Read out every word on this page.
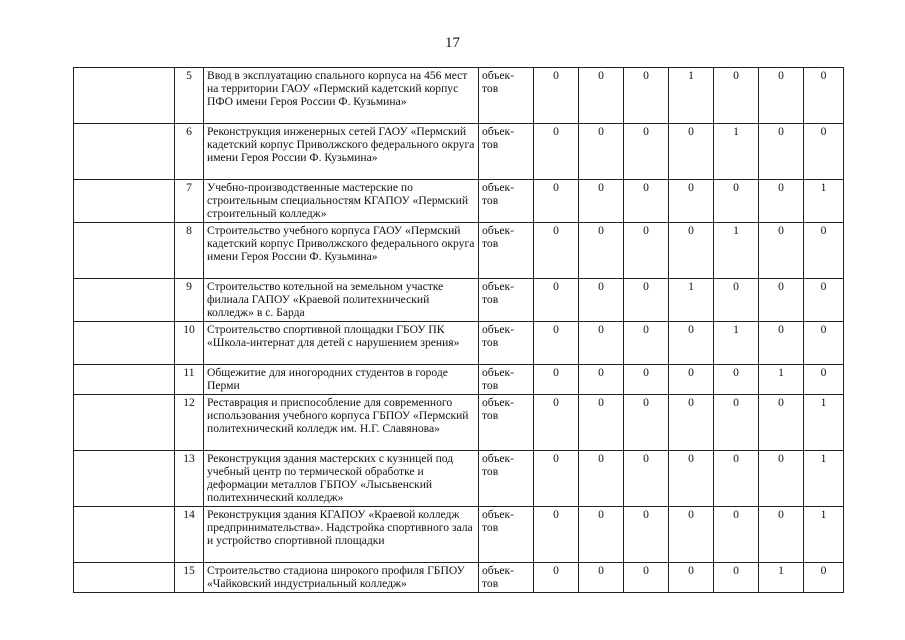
17
	5	Ввод в эксплуатацию спального корпуса на 456 мест на территории ГАОУ «Пермский кадетский корпус ПФО имени Героя России Ф. Кузьмина»	объек-
тов	0	0	0	1	0	0	0
	6	Реконструкция инженерных сетей ГАОУ «Пермский кадетский корпус Приволжского федерального округа имени Героя России Ф. Кузьмина»	объек-
тов	0	0	0	0	1	0	0
	7	Учебно-производственные мастерские по строительным специальностям КГАПОУ «Пермский строительный колледж»	объек-
тов	0	0	0	0	0	0	1
	8	Строительство учебного корпуса ГАОУ «Пермский кадетский корпус Приволжского федерального округа имени Героя России Ф. Кузьмина»	объек-
тов	0	0	0	0	1	0	0
	9	Строительство котельной на земельном участке филиала ГАПОУ «Краевой политехнический колледж» в с. Барда	объек-
тов	0	0	0	1	0	0	0
	10	Строительство спортивной площадки ГБОУ ПК «Школа-интернат для детей с нарушением зрения»	объек-
тов	0	0	0	0	1	0	0
	11	Общежитие для иногородних студентов в городе Перми	объек-
тов	0	0	0	0	0	1	0
	12	Реставрация и приспособление для современного использования учебного корпуса ГБПОУ «Пермский политехнический колледж им. Н.Г. Славянова»	объек-
тов	0	0	0	0	0	0	1
	13	Реконструкция здания мастерских с кузницей под учебный центр по термической обработке и деформации металлов ГБПОУ «Лысьвенский политехнический колледж»	объек-
тов	0	0	0	0	0	0	1
	14	Реконструкция здания КГАПОУ «Краевой колледж предпринимательства». Надстройка спортивного зала и устройство спортивной площадки	объек-
тов	0	0	0	0	0	0	1
	15	Строительство стадиона широкого профиля ГБПОУ «Чайковский индустриальный колледж»	объек-
тов	0	0	0	0	0	1	0
